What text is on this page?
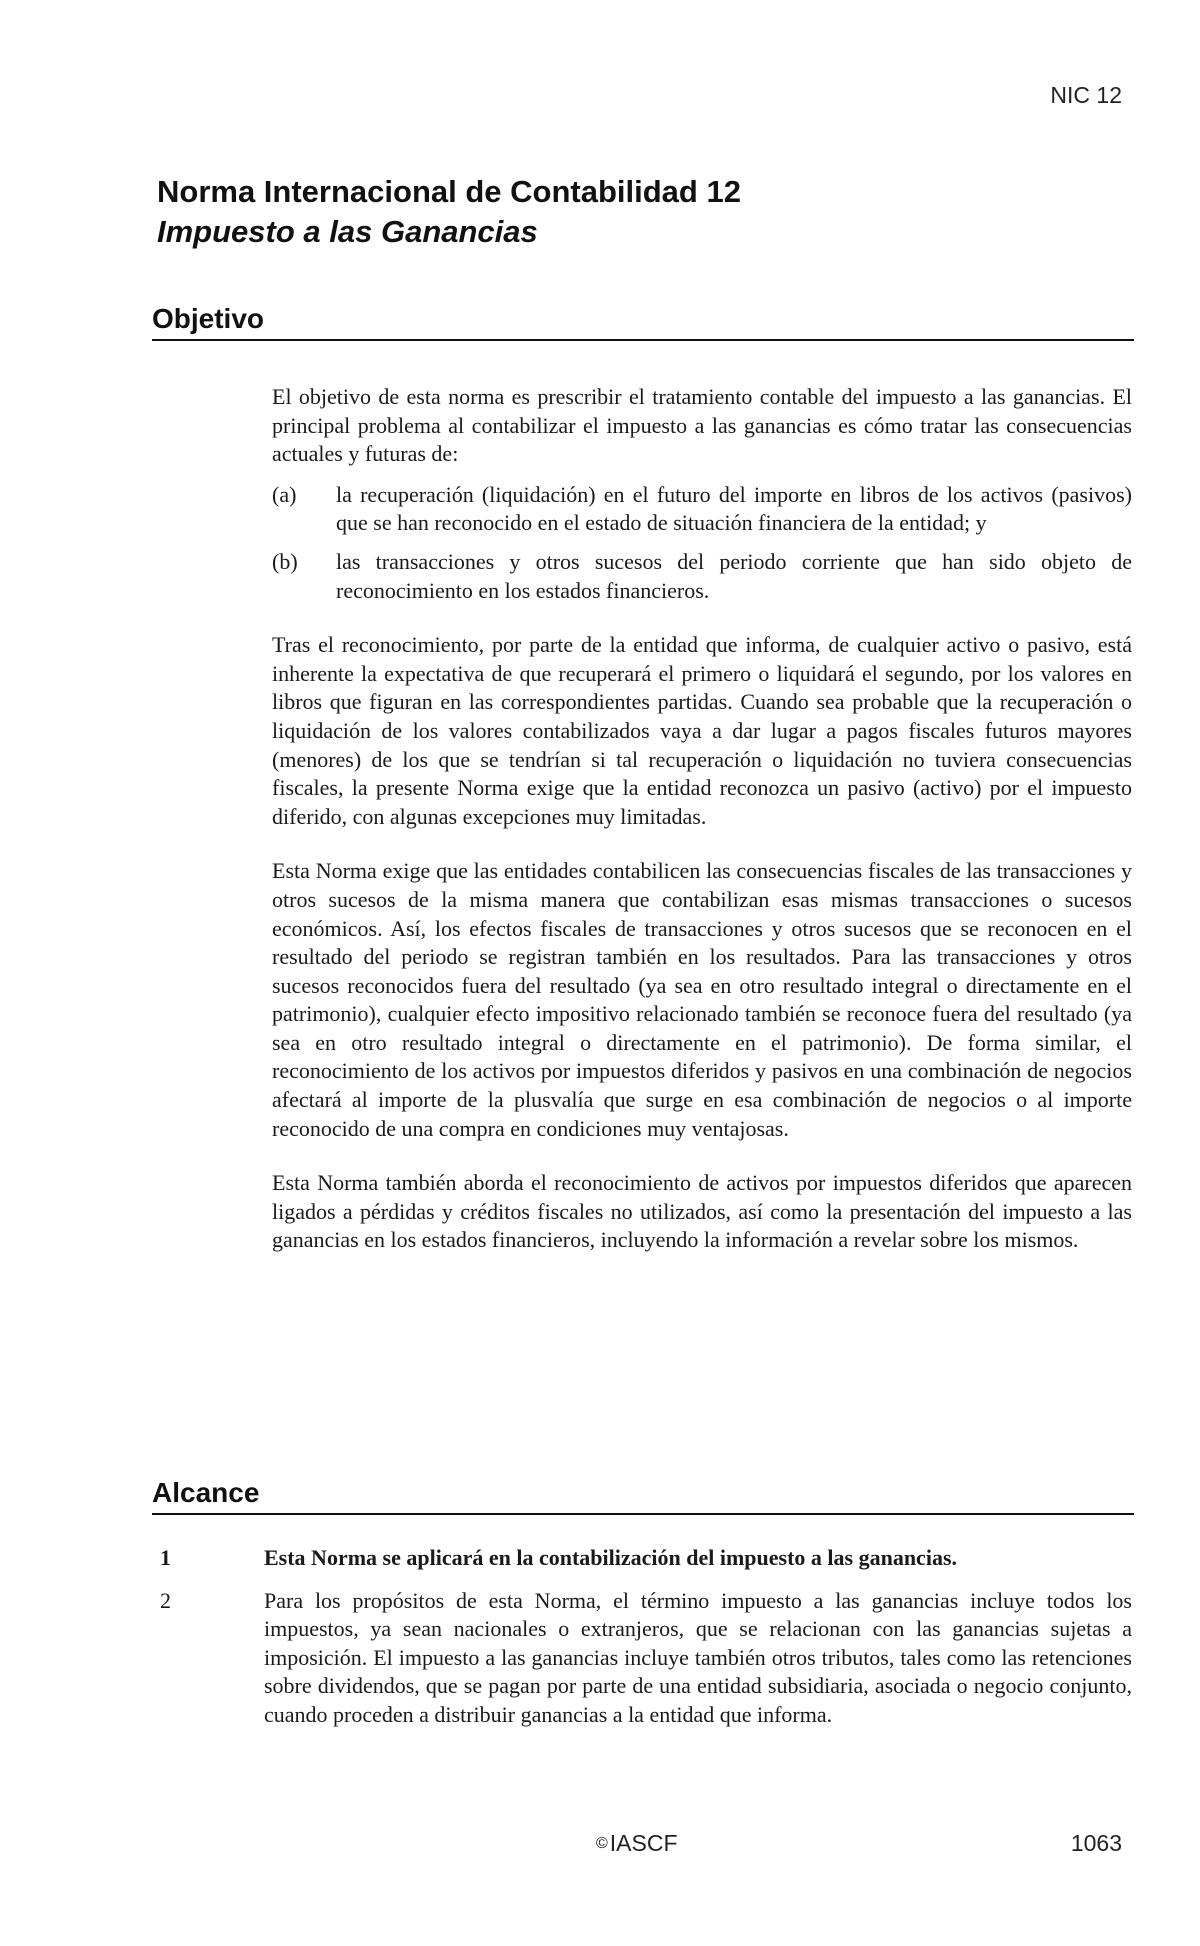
NIC 12
Norma Internacional de Contabilidad 12
Impuesto a las Ganancias
Objetivo

El objetivo de esta norma es prescribir el tratamiento contable del impuesto a las ganancias. El principal problema al contabilizar el impuesto a las ganancias es cómo tratar las consecuencias actuales y futuras de:

(a)	la recuperación (liquidación) en el futuro del importe en libros de los activos (pasivos) que se han reconocido en el estado de situación financiera de la entidad; y
(b)	las transacciones y otros sucesos del periodo corriente que han sido objeto de reconocimiento en los estados financieros.

Tras el reconocimiento, por parte de la entidad que informa, de cualquier activo o pasivo, está inherente la expectativa de que recuperará el primero o liquidará el segundo, por los valores en libros que figuran en las correspondientes partidas. Cuando sea probable que la recuperación o liquidación de los valores contabilizados vaya a dar lugar a pagos fiscales futuros mayores (menores) de los que se tendrían si tal recuperación o liquidación no tuviera consecuencias fiscales, la presente Norma exige que la entidad reconozca un pasivo (activo) por el impuesto diferido, con algunas excepciones muy limitadas.

Esta Norma exige que las entidades contabilicen las consecuencias fiscales de las transacciones y otros sucesos de la misma manera que contabilizan esas mismas transacciones o sucesos económicos. Así, los efectos fiscales de transacciones y otros sucesos que se reconocen en el resultado del periodo se registran también en los resultados. Para las transacciones y otros sucesos reconocidos fuera del resultado (ya sea en otro resultado integral o directamente en el patrimonio), cualquier efecto impositivo relacionado también se reconoce fuera del resultado (ya sea en otro resultado integral o directamente en el patrimonio). De forma similar, el reconocimiento de los activos por impuestos diferidos y pasivos en una combinación de negocios afectará al importe de la plusvalía que surge en esa combinación de negocios o al importe reconocido de una compra en condiciones muy ventajosas.

Esta Norma también aborda el reconocimiento de activos por impuestos diferidos que aparecen ligados a pérdidas y créditos fiscales no utilizados, así como la presentación del impuesto a las ganancias en los estados financieros, incluyendo la información a revelar sobre los mismos.

Alcance
1	Esta Norma se aplicará en la contabilización del impuesto a las ganancias.
2	Para los propósitos de esta Norma, el término impuesto a las ganancias incluye todos los impuestos, ya sean nacionales o extranjeros, que se relacionan con las ganancias sujetas a imposición. El impuesto a las ganancias incluye también otros tributos, tales como las retenciones sobre dividendos, que se pagan por parte de una entidad subsidiaria, asociada o negocio conjunto, cuando proceden a distribuir ganancias a la entidad que informa.
©IASCF	1063
